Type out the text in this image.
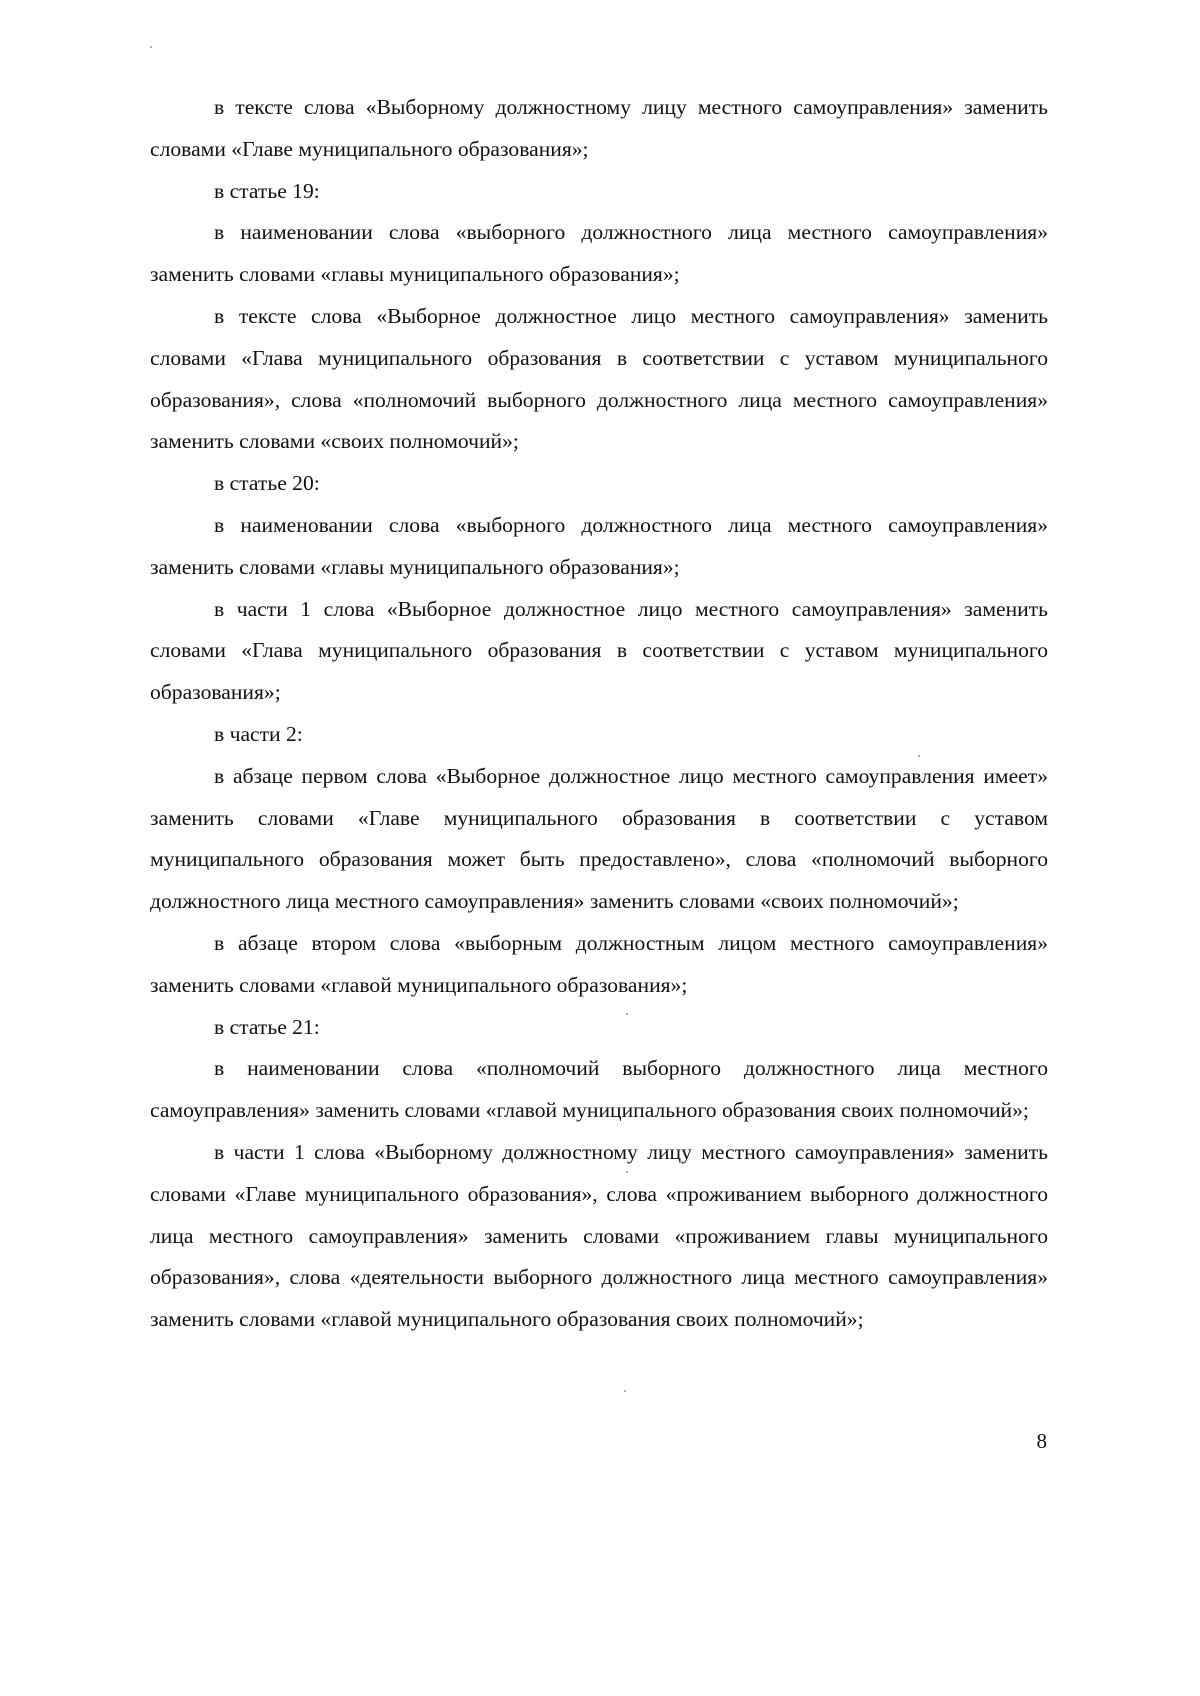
в тексте слова «Выборному должностному лицу местного самоуправления» заменить словами «Главе муниципального образования»;

в статье 19:

в наименовании слова «выборного должностного лица местного самоуправления» заменить словами «главы муниципального образования»;

в тексте слова «Выборное должностное лицо местного самоуправления» заменить словами «Глава муниципального образования в соответствии с уставом муниципального образования», слова «полномочий выборного должностного лица местного самоуправления» заменить словами «своих полномочий»;

в статье 20:

в наименовании слова «выборного должностного лица местного самоуправления» заменить словами «главы муниципального образования»;

в части 1 слова «Выборное должностное лицо местного самоуправления» заменить словами «Глава муниципального образования в соответствии с уставом муниципального образования»;

в части 2:

в абзаце первом слова «Выборное должностное лицо местного самоуправления имеет» заменить словами «Главе муниципального образования в соответствии с уставом муниципального образования может быть предоставлено», слова «полномочий выборного должностного лица местного самоуправления» заменить словами «своих полномочий»;

в абзаце втором слова «выборным должностным лицом местного самоуправления» заменить словами «главой муниципального образования»;

в статье 21:

в наименовании слова «полномочий выборного должностного лица местного самоуправления» заменить словами «главой муниципального образования своих полномочий»;

в части 1 слова «Выборному должностному лицу местного самоуправления» заменить словами «Главе муниципального образования», слова «проживанием выборного должностного лица местного самоуправления» заменить словами «проживанием главы муниципального образования», слова «деятельности выборного должностного лица местного самоуправления» заменить словами «главой муниципального образования своих полномочий»;

8
